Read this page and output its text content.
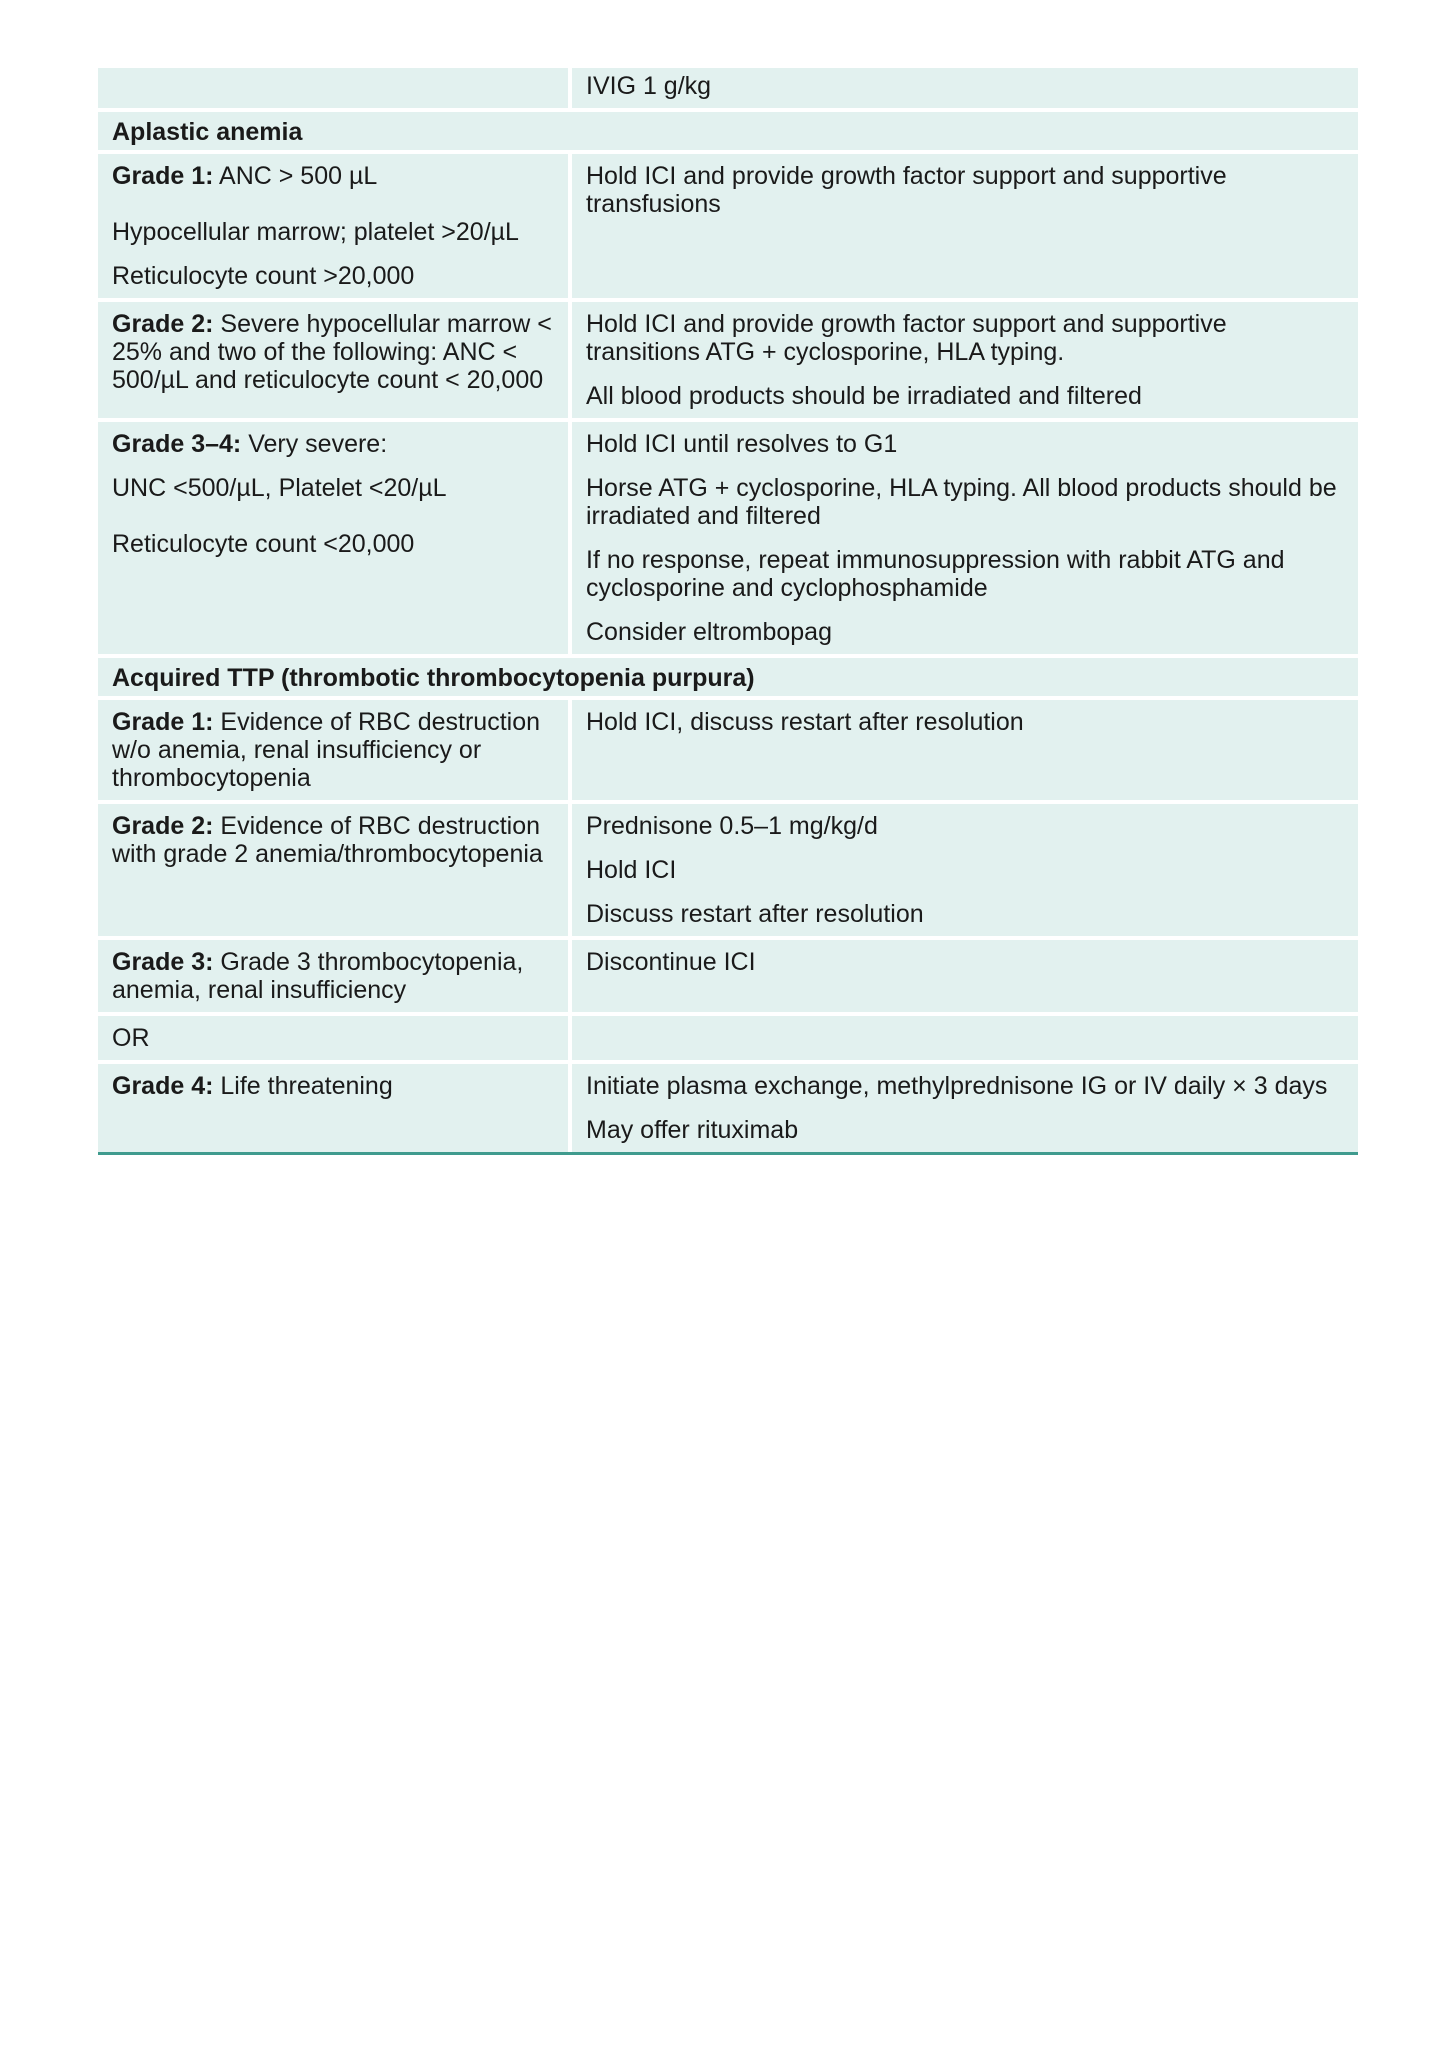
IVIG 1 g/kg

Aplastic anemia

Grade 1: ANC > 500 µL

Hypocellular marrow; platelet >20/µL

Reticulocyte count >20,000

Hold ICI and provide growth factor support and supportive transfusions

Grade 2: Severe hypocellular marrow < 25% and two of the following: ANC < 500/µL and reticulocyte count < 20,000

Hold ICI and provide growth factor support and supportive transitions ATG + cyclosporine, HLA typing.

All blood products should be irradiated and filtered

Grade 3–4: Very severe:

UNC <500/µL, Platelet <20/µL

Reticulocyte count <20,000

Hold ICI until resolves to G1

Horse ATG + cyclosporine, HLA typing. All blood products should be irradiated and filtered

If no response, repeat immunosuppression with rabbit ATG and cyclosporine and cyclophosphamide

Consider eltrombopag

Acquired TTP (thrombotic thrombocytopenia purpura)

Grade 1: Evidence of RBC destruction w/o anemia, renal insufficiency or thrombocytopenia

Hold ICI, discuss restart after resolution

Grade 2: Evidence of RBC destruction with grade 2 anemia/thrombocytopenia

Prednisone 0.5–1 mg/kg/d

Hold ICI

Discuss restart after resolution

Grade 3: Grade 3 thrombocytopenia, anemia, renal insufficiency

Discontinue ICI

OR

Grade 4: Life threatening	Initiate plasma exchange, methylprednisone IG or IV daily × 3 days

May offer rituximab
